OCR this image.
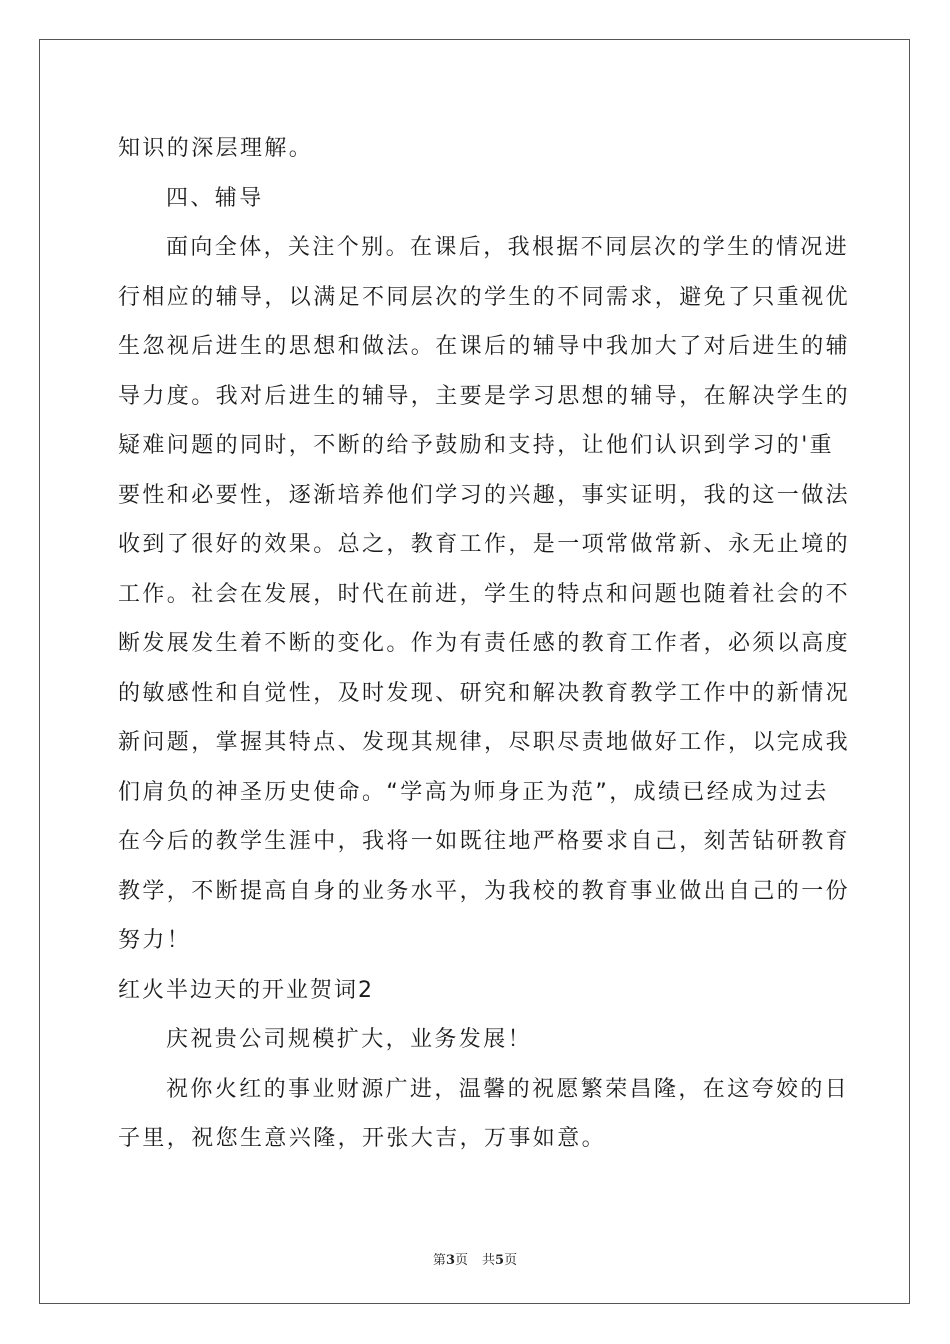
知识的深层理解。
四、辅导
面向全体，关注个别。在课后，我根据不同层次的学生的情况进
行相应的辅导，以满足不同层次的学生的不同需求，避免了只重视优
生忽视后进生的思想和做法。在课后的辅导中我加大了对后进生的辅
导力度。我对后进生的辅导，主要是学习思想的辅导，在解决学生的
疑难问题的同时，不断的给予鼓励和支持，让他们认识到学习的'重
要性和必要性，逐渐培养他们学习的兴趣，事实证明，我的这一做法
收到了很好的效果。总之，教育工作，是一项常做常新、永无止境的
工作。社会在发展，时代在前进，学生的特点和问题也随着社会的不
断发展发生着不断的变化。作为有责任感的教育工作者，必须以高度
的敏感性和自觉性，及时发现、研究和解决教育教学工作中的新情况
新问题，掌握其特点、发现其规律，尽职尽责地做好工作，以完成我
们肩负的神圣历史使命。“学高为师身正为范”，成绩已经成为过去
在今后的教学生涯中，我将一如既往地严格要求自己，刻苦钻研教育
教学，不断提高自身的业务水平，为我校的教育事业做出自己的一份
努力！
红火半边天的开业贺词2
庆祝贵公司规模扩大，业务发展！
祝你火红的事业财源广进，温馨的祝愿繁荣昌隆，在这夸姣的日
子里，祝您生意兴隆，开张大吉，万事如意。
第3页 共5页
